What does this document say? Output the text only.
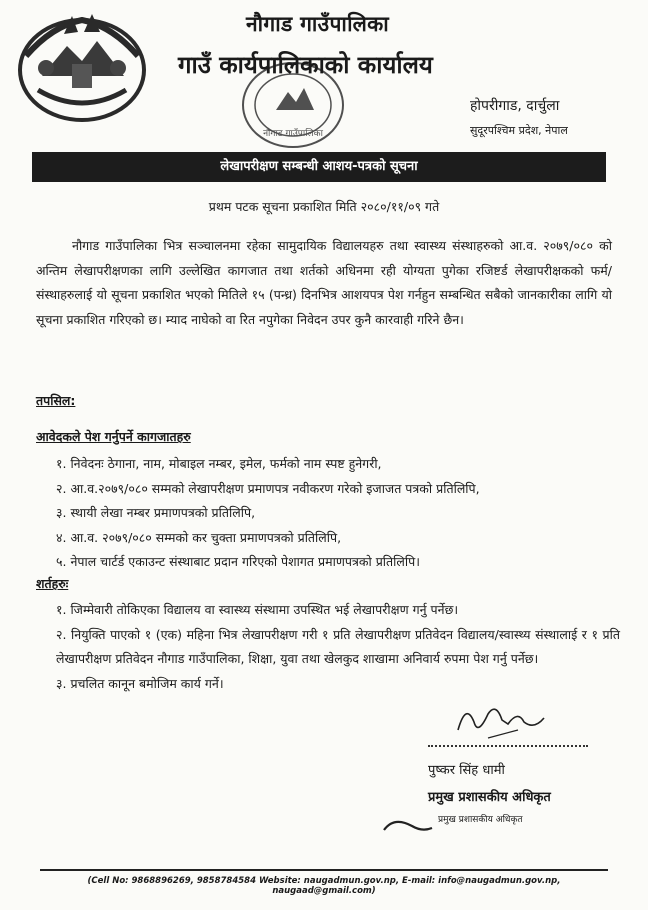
नौगाड गाउँपालिका
नौगाड गाउँपालिका
गाउँ कार्यपालिकाको कार्यालय
होपरीगाड, दार्चुला
सुदूरपश्चिम प्रदेश, नेपाल
लेखापरीक्षण सम्बन्धी आशय-पत्रको सूचना
प्रथम पटक सूचना प्रकाशित मिति २०८०/११/०९ गते
नौगाड गाउँपालिका भित्र सञ्चालनमा रहेका सामुदायिक विद्यालयहरु तथा स्वास्थ्य संस्थाहरुको आ.व. २०७९/०८० को अन्तिम लेखापरीक्षणका लागि उल्लेखित कागजात तथा शर्तको अधिनमा रही योग्यता पुगेका रजिष्टर्ड लेखापरीक्षकको फर्म/संस्थाहरुलाई यो सूचना प्रकाशित भएको मितिले १५ (पन्ध्र) दिनभित्र आशयपत्र पेश गर्नहुन सम्बन्धित सबैको जानकारीका लागि यो सूचना प्रकाशित गरिएको छ। म्याद नाघेको वा रित नपुगेका निवेदन उपर कुनै कारवाही गरिने छैन।
तपसिल:
आवेदकले पेश गर्नुपर्ने कागजातहरु
१. निवेदनः ठेगाना, नाम, मोबाइल नम्बर, इमेल, फर्मको नाम स्पष्ट हुनेगरी,
२. आ.व.२०७९/०८० सम्मको लेखापरीक्षण प्रमाणपत्र नवीकरण गरेको इजाजत पत्रको प्रतिलिपि,
३. स्थायी लेखा नम्बर प्रमाणपत्रको प्रतिलिपि,
४. आ.व. २०७९/०८० सम्मको कर चुक्ता प्रमाणपत्रको प्रतिलिपि,
५. नेपाल चार्टर्ड एकाउन्ट संस्थाबाट प्रदान गरिएको पेशागत प्रमाणपत्रको प्रतिलिपि।
शर्तहरुः
१. जिम्मेवारी तोकिएका विद्यालय वा स्वास्थ्य संस्थामा उपस्थित भई लेखापरीक्षण गर्नु पर्नेछ।
२. नियुक्ति पाएको १ (एक) महिना भित्र लेखापरीक्षण गरी १ प्रति लेखापरीक्षण प्रतिवेदन विद्यालय/स्वास्थ्य संस्थालाई र १ प्रति लेखापरीक्षण प्रतिवेदन नौगाड गाउँपालिका, शिक्षा, युवा तथा खेलकुद शाखामा अनिवार्य रुपमा पेश गर्नु पर्नेछ।
३. प्रचलित कानून बमोजिम कार्य गर्ने।
पुष्कर सिंह धामी
प्रमुख प्रशासकीय अधिकृत
प्रमुख प्रशासकीय अधिकृत
(Cell No: 9868896269, 9858784584 Website: naugadmun.gov.np, E-mail: info@naugadmun.gov.np, naugaad@gmail.com)
